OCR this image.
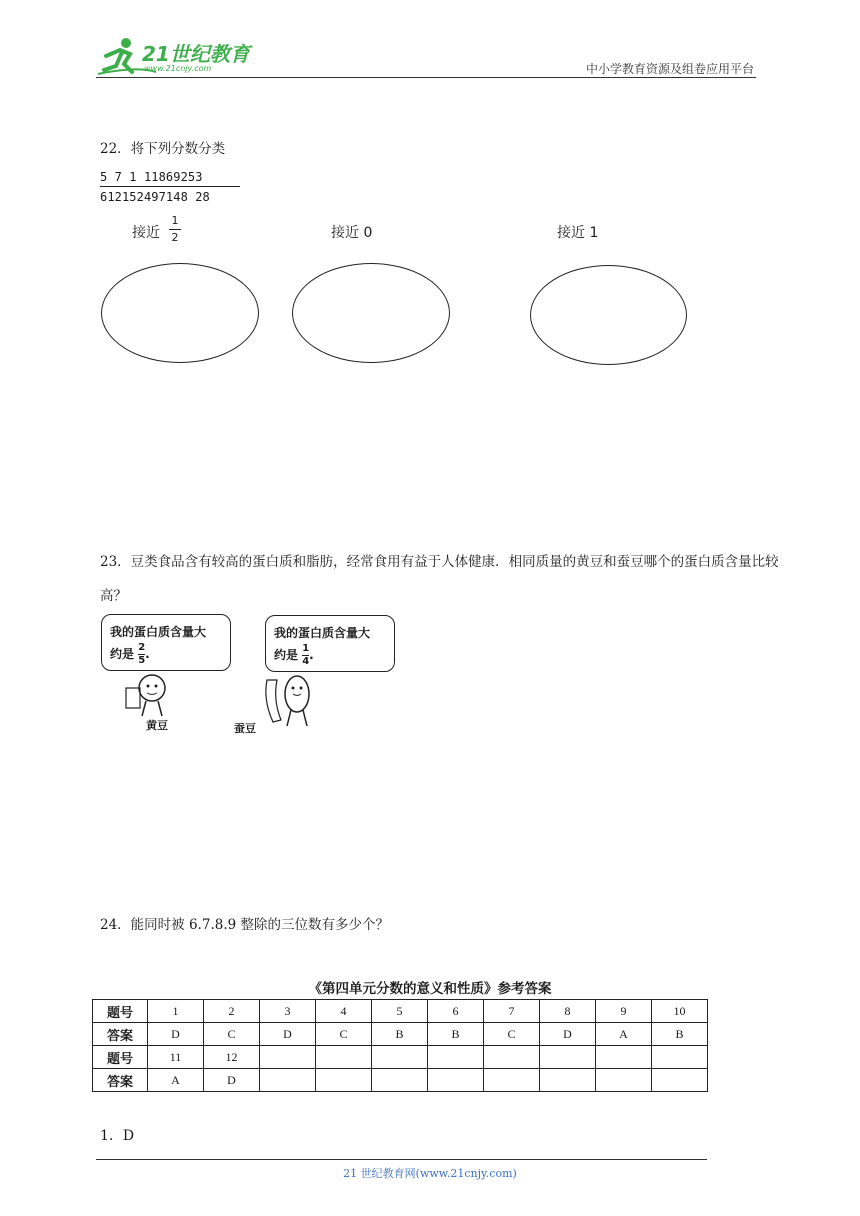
21世纪教育
www.21cnjy.com	中小学教育资源及组卷应用平台
22．将下列分数分类
5 7 1 11869253
612152497148 28
接近
1
2	接近 0	接近 1
23．豆类食品含有较高的蛋白质和脂肪，经常食用有益于人体健康．相同质量的黄豆和蚕豆哪个的蛋白质含量比较高？
我的蛋白质含量大
约是 $\frac{2}{5}$ .
我的蛋白质含量大
约是 $\frac{1}{4}$ .
黄豆	蚕豆
24．能同时被 6.7.8.9 整除的三位数有多少个？
《第四单元分数的意义和性质》参考答案
题号	1	2	3	4	5	6	7	8	9	10
答案	D	C	D	C	B	B	C	D	A	B
题号	11	12								
答案	A	D								
1．D
21 世纪教育网(www.21cnjy.com)
